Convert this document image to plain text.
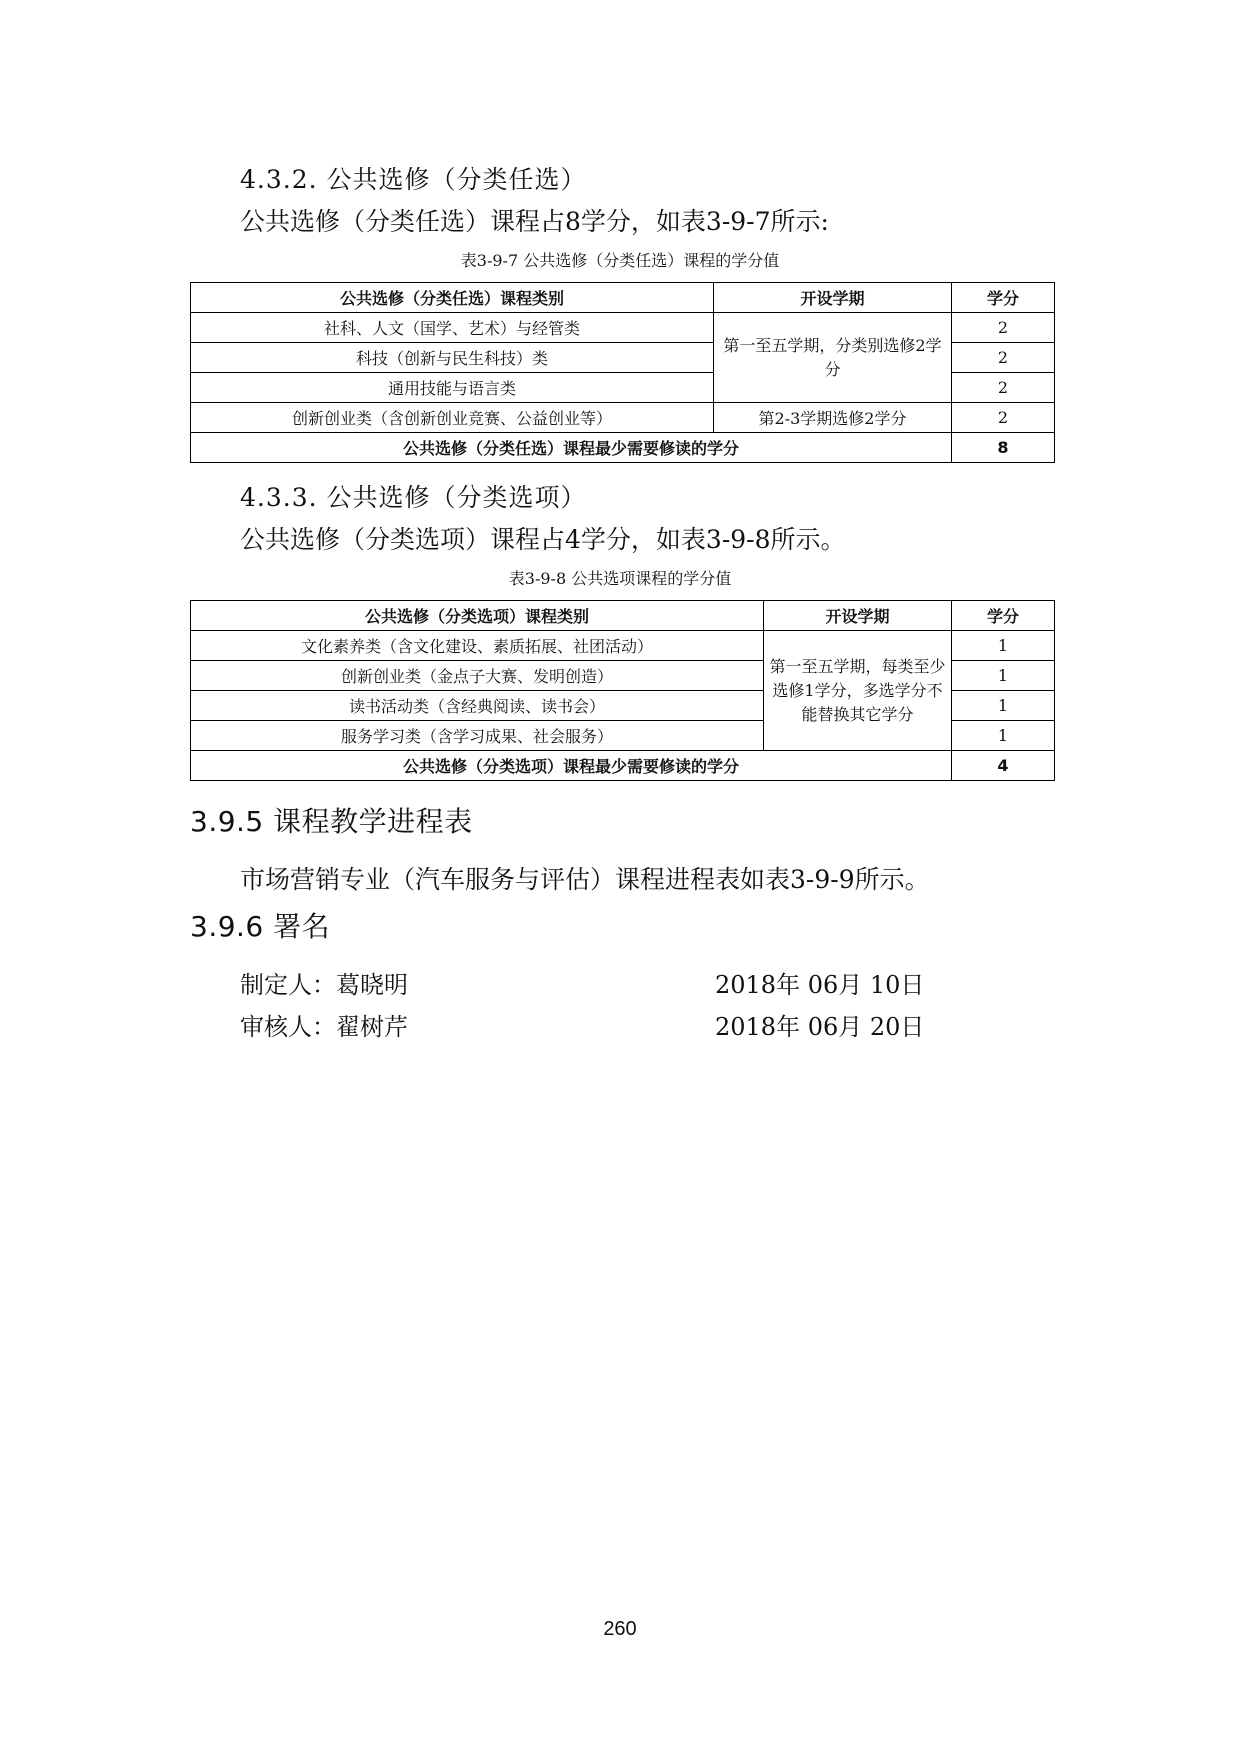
4.3.2. 公共选修（分类任选）
公共选修（分类任选）课程占8学分，如表3-9-7所示:
表3-9-7 公共选修（分类任选）课程的学分值
公共选修（分类任选）课程类别	开设学期	学分
社科、人文（国学、艺术）与经管类	第一至五学期，分类别选修2学分	2
科技（创新与民生科技）类		2
通用技能与语言类		2
创新创业类（含创新创业竞赛、公益创业等）	第2-3学期选修2学分	2
公共选修（分类任选）课程最少需要修读的学分		8
4.3.3. 公共选修（分类选项）
公共选修（分类选项）课程占4学分，如表3-9-8所示。
表3-9-8 公共选项课程的学分值
公共选修（分类选项）课程类别	开设学期	学分
文化素养类（含文化建设、素质拓展、社团活动）	第一至五学期，每类至少选修1学分，多选学分不能替换其它学分	1
创新创业类（金点子大赛、发明创造）		1
读书活动类（含经典阅读、读书会）		1
服务学习类（含学习成果、社会服务）		1
公共选修（分类选项）课程最少需要修读的学分		4
3.9.5 课程教学进程表
市场营销专业（汽车服务与评估）课程进程表如表3-9-9所示。
3.9.6 署名
制定人：葛晓明	2018年 06月 10日
审核人：翟树芹	2018年 06月 20日
260
